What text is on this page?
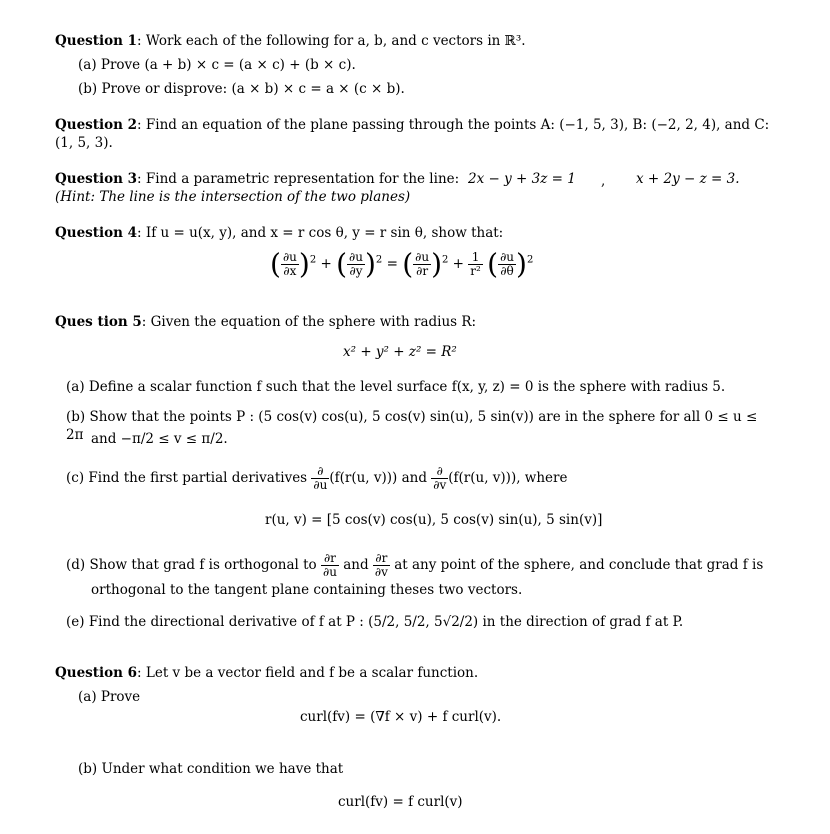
Question 1: Work each of the following for a, b, and c vectors in ℝ³.
(a) Prove (a + b) × c = (a × c) + (b × c).
(b) Prove or disprove: (a × b) × c = a × (c × b).
Question 2: Find an equation of the plane passing through the points A: (−1, 5, 3), B: (−2, 2, 4), and C:
(1, 5, 3).
Question 3: Find a parametric representation for the line: 2x − y + 3z = 1 , x + 2y − z = 3.
(Hint: The line is the intersection of the two planes)
Question 4: If u = u(x, y), and x = r cos θ, y = r sin θ, show that:
( $\frac{\partial u}{\partial x} )^2$ + ( $\frac{\partial u}{\partial y} )^2$ = ( $\frac{\partial u}{\partial r} )^2 + \frac{1}{\text{r²}}$ ( $\frac{\partial u}{\partial\theta} )^2$
Ques tion 5: Given the equation of the sphere with radius R:
x² + y² + z² = R²
(a) Define a scalar function f such that the level surface f(x, y, z) = 0 is the sphere with radius 5.
(b) Show that the points P : (5 cos(v) cos(u), 5 cos(v) sin(u), 5 sin(v)) are in the sphere for all 0 ≤ u ≤ 2π and −π/2 ≤ v ≤ π/2.
(c) Find the first partial derivatives $\frac{\partial}{\partial u} (f(r(u$, v))) and $\frac{\partial}{\partial v} (f(r(u$, v))), where
r(u, v) = [5 cos(v) cos(u), 5 cos(v) sin(u), 5 sin(v)]
(d) Show that grad f is orthogonal to $\frac{\partial r}{\partial u}$ and $\frac{\partial r}{\partial v}$ at any point of the sphere, and conclude that grad f is
orthogonal to the tangent plane containing theses two vectors.
(e) Find the directional derivative of f at P : (5/2, 5/2, 5√2/2) in the direction of grad f at P.
Question 6: Let v be a vector field and f be a scalar function.
(a) Prove
curl(fv) = (∇f × v) + f curl(v).
(b) Under what condition we have that
curl(fv) = f curl(v)
